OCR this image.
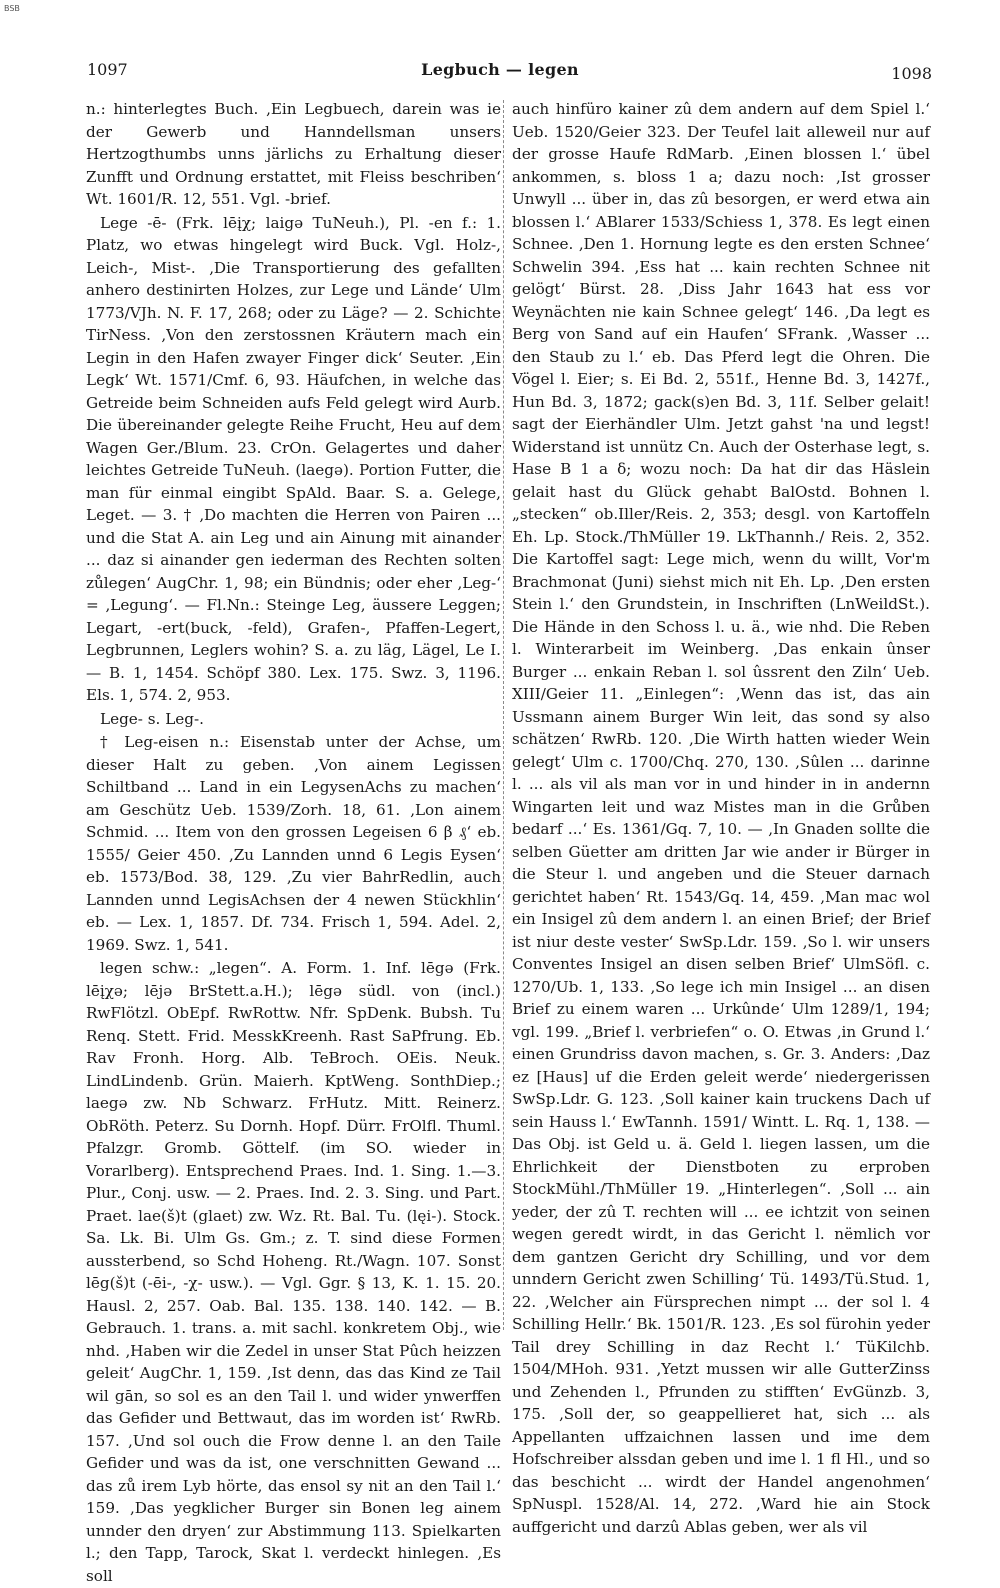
BSB
1097	Legbuch — legen	1098

n.: hinterlegtes Buch. ‚Ein Legbuech, darein was ie der Gewerb und Hanndellsman unsers Hertzogthumbs unns järlichs zu Erhaltung dieser Zunfft und Ordnung erstattet, mit Fleiss beschriben‘ Wt. 1601/R. 12, 551. Vgl. -brief.

Lege -ē- (Frk. lēįχ; laigə TuNeuh.), Pl. -en f.: 1. Platz, wo etwas hingelegt wird Buck. Vgl. Holz-, Leich-, Mist-. ‚Die Transportierung des gefallten anhero destinirten Holzes, zur Lege und Lände‘ Ulm 1773/VJh. N. F. 17, 268; oder zu Läge? — 2. Schichte TirNess. ‚Von den zerstossnen Kräutern mach ein Legin in den Hafen zwayer Finger dick‘ Seuter. ‚Ein Legk‘ Wt. 1571/Cmf. 6, 93. Häufchen, in welche das Getreide beim Schneiden aufs Feld gelegt wird Aurb. Die übereinander gelegte Reihe Frucht, Heu auf dem Wagen Ger./Blum. 23. CrOn. Gelagertes und daher leichtes Getreide TuNeuh. (laegə). Portion Futter, die man für einmal eingibt SpAld. Baar. S. a. Gelege, Leget. — 3. † ‚Do machten die Herren von Pairen ... und die Stat A. ain Leg und ain Ainung mit ainander ... daz si ainander gen iederman des Rechten solten zůlegen‘ AugChr. 1, 98; ein Bündnis; oder eher ‚Leg-‘ = ‚Legung‘. — Fl.Nn.: Steinge Leg, äussere Leggen; Legart, -ert(buck, -feld), Grafen-, Pfaffen-Legert, Legbrunnen, Leglers wohin? S. a. zu läg, Lägel, Le I. — B. 1, 1454. Schöpf 380. Lex. 175. Swz. 3, 1196. Els. 1, 574. 2, 953.

Lege- s. Leg-.

† Leg-eisen n.: Eisenstab unter der Achse, um dieser Halt zu geben. ‚Von ainem Legissen Schiltband ... Land in ein LegysenAchs zu machen‘ am Geschütz Ueb. 1539/Zorh. 18, 61. ‚Lon ainem Schmid. ... Item von den grossen Legeisen 6 β ₰‘ eb. 1555/ Geier 450. ‚Zu Lannden unnd 6 Legis Eysen‘ eb. 1573/Bod. 38, 129. ‚Zu vier BahrRedlin, auch Lannden unnd LegisAchsen der 4 newen Stückhlin‘ eb. — Lex. 1, 1857. Df. 734. Frisch 1, 594. Adel. 2, 1969. Swz. 1, 541.

legen schw.: „legen“. A. Form. 1. Inf. lēgə (Frk. lēįχə; lējə BrStett.a.H.); lēgə südl. von (incl.) RwFlötzl. ObEpf. RwRottw. Nfr. SpDenk. Bubsh. Tu Renq. Stett. Frid. MesskKreenh. Rast SaPfrung. Eb. Rav Fronh. Horg. Alb. TeBroch. OEis. Neuk. LindLindenb. Grün. Maierh. KptWeng. SonthDiep.; laegə zw. Nb Schwarz. FrHutz. Mitt. Reinerz. ObRöth. Peterz. Su Dornh. Hopf. Dürr. FrOlfl. Thuml. Pfalzgr. Gromb. Göttelf. (im SO. wieder in Vorarlberg). Entsprechend Praes. Ind. 1. Sing. 1.—3. Plur., Conj. usw. — 2. Praes. Ind. 2. 3. Sing. und Part. Praet. lae(š)t (glaet) zw. Wz. Rt. Bal. Tu. (lęi-). Stock. Sa. Lk. Bi. Ulm Gs. Gm.; z. T. sind diese Formen aussterbend, so Schd Hoheng. Rt./Wagn. 107. Sonst lēg(š)t (-ēi-, -χ- usw.). — Vgl. Ggr. § 13, K. 1. 15. 20. Hausl. 2, 257. Oab. Bal. 135. 138. 140. 142. — B. Gebrauch. 1. trans. a. mit sachl. konkretem Obj., wie nhd. ‚Haben wir die Zedel in unser Stat Pûch heizzen geleit‘ AugChr. 1, 159. ‚Ist denn, das das Kind ze Tail wil gān, so sol es an den Tail l. und wider ynwerffen das Gefider und Bettwaut, das im worden ist‘ RwRb. 157. ‚Und sol ouch die Frow denne l. an den Taile Gefider und was da ist, one verschnitten Gewand ... das zů irem Lyb hörte, das ensol sy nit an den Tail l.‘ 159. ‚Das yegklicher Burger sin Bonen leg ainem unnder den dryen‘ zur Abstimmung 113. Spielkarten l.; den Tapp, Tarock, Skat l. verdeckt hinlegen. ‚Es soll

auch hinfüro kainer zû dem andern auf dem Spiel l.‘ Ueb. 1520/Geier 323. Der Teufel lait alleweil nur auf der grosse Haufe RdMarb. ‚Einen blossen l.‘ übel ankommen, s. bloss 1 a; dazu noch: ‚Ist grosser Unwyll ... über in, das zû besorgen, er werd etwa ain blossen l.‘ ABlarer 1533/Schiess 1, 378. Es legt einen Schnee. ‚Den 1. Hornung legte es den ersten Schnee‘ Schwelin 394. ‚Ess hat ... kain rechten Schnee nit gelögt‘ Bürst. 28. ‚Diss Jahr 1643 hat ess vor Weynächten nie kain Schnee gelegt‘ 146. ‚Da legt es Berg von Sand auf ein Haufen‘ SFrank. ‚Wasser ... den Staub zu l.‘ eb. Das Pferd legt die Ohren. Die Vögel l. Eier; s. Ei Bd. 2, 551f., Henne Bd. 3, 1427f., Hun Bd. 3, 1872; gack(s)en Bd. 3, 11f. Selber gelait! sagt der Eierhändler Ulm. Jetzt gahst 'na und legst! Widerstand ist unnütz Cn. Auch der Osterhase legt, s. Hase B 1 a δ; wozu noch: Da hat dir das Häslein gelait hast du Glück gehabt BalOstd. Bohnen l. „stecken“ ob.Iller/Reis. 2, 353; desgl. von Kartoffeln Eh. Lp. Stock./ThMüller 19. LkThannh./ Reis. 2, 352. Die Kartoffel sagt: Lege mich, wenn du willt, Vor'm Brachmonat (Juni) siehst mich nit Eh. Lp. ‚Den ersten Stein l.‘ den Grundstein, in Inschriften (LnWeildSt.). Die Hände in den Schoss l. u. ä., wie nhd. Die Reben l. Winterarbeit im Weinberg. ‚Das enkain ûnser Burger ... enkain Reban l. sol ûssrent den Ziln‘ Ueb. XIII/Geier 11. „Einlegen“: ‚Wenn das ist, das ain Ussmann ainem Burger Win leit, das sond sy also schätzen‘ RwRb. 120. ‚Die Wirth hatten wieder Wein gelegt‘ Ulm c. 1700/Chq. 270, 130. ‚Sûlen ... darinne l. ... als vil als man vor in und hinder in in andernn Wingarten leit und waz Mistes man in die Grůben bedarf ...‘ Es. 1361/Gq. 7, 10. — ‚In Gnaden sollte die selben Güetter am dritten Jar wie ander ir Bürger in die Steur l. und angeben und die Steuer darnach gerichtet haben‘ Rt. 1543/Gq. 14, 459. ‚Man mac wol ein Insigel zû dem andern l. an einen Brief; der Brief ist niur deste vester‘ SwSp.Ldr. 159. ‚So l. wir unsers Conventes Insigel an disen selben Brief‘ UlmSöfl. c. 1270/Ub. 1, 133. ‚So lege ich min Insigel ... an disen Brief zu einem waren ... Urkûnde‘ Ulm 1289/1, 194; vgl. 199. „Brief l. verbriefen“ o. O. Etwas ‚in Grund l.‘ einen Grundriss davon machen, s. Gr. 3. Anders: ‚Daz ez [Haus] uf die Erden geleit werde‘ niedergerissen SwSp.Ldr. G. 123. ‚Soll kainer kain truckens Dach uf sein Hauss l.‘ EwTannh. 1591/ Wintt. L. Rq. 1, 138. — Das Obj. ist Geld u. ä. Geld l. liegen lassen, um die Ehrlichkeit der Dienstboten zu erproben StockMühl./ThMüller 19. „Hinterlegen“. ‚Soll ... ain yeder, der zû T. rechten will ... ee ichtzit von seinen wegen geredt wirdt, in das Gericht l. nëmlich vor dem gantzen Gericht dry Schilling, und vor dem unndern Gericht zwen Schilling‘ Tü. 1493/Tü.Stud. 1, 22. ‚Welcher ain Fürsprechen nimpt ... der sol l. 4 Schilling Hellr.‘ Bk. 1501/R. 123. ‚Es sol fürohin yeder Tail drey Schilling in daz Recht l.‘ TüKilchb. 1504/MHoh. 931. ‚Yetzt mussen wir alle GutterZinss und Zehenden l., Pfrunden zu stifften‘ EvGünzb. 3, 175. ‚Soll der, so geappellieret hat, sich ... als Appellanten uffzaichnen lassen und ime dem Hofschreiber alssdan geben und ime l. 1 fl Hl., und so das beschicht ... wirdt der Handel angenohmen‘ SpNuspl. 1528/Al. 14, 272. ‚Ward hie ain Stock auffgericht und darzû Ablas geben, wer als vil
